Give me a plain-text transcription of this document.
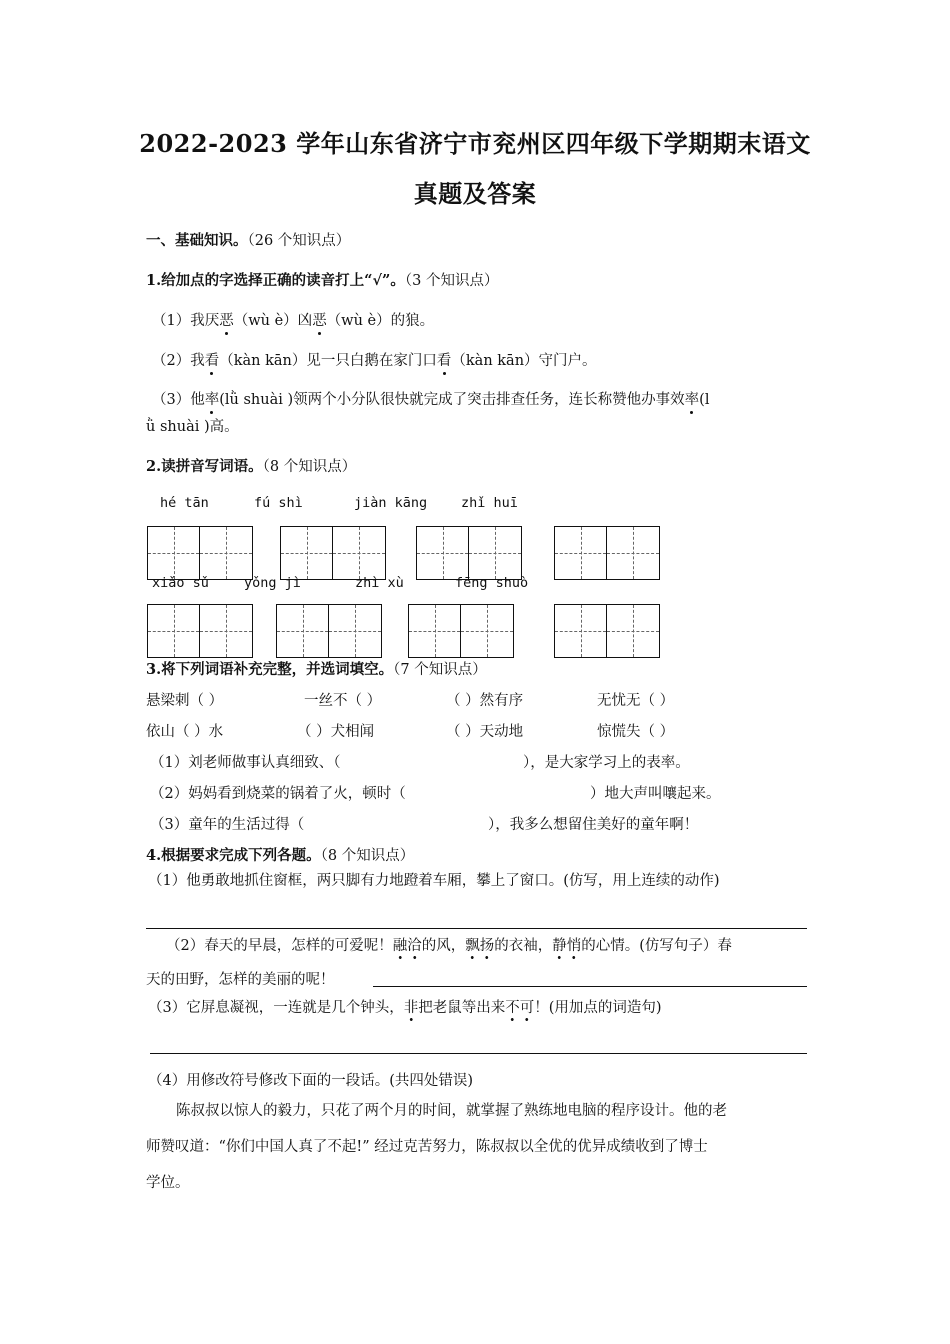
2022-2023 学年山东省济宁市兖州区四年级下学期期末语文
真题及答案
一、基础知识。（26 个知识点）
1.给加点的字选择正确的读音打上“√”。（3 个知识点）
（1）我厌恶（wù è）凶恶（wù è）的狼。
（2）我看（kàn kān）见一只白鹅在家门口看（kàn kān）守门户。
（3）他率(lǜ shuài )领两个小分队很快就完成了突击排查任务，连长称赞他办事效率(l
ǜ shuài )高。
2.读拼音写词语。（8 个知识点）
hé tān	fú shì	jiàn kāng	zhǐ huī
xiǎo sǔ	yǒng jì	zhì xù	fēng shuò
3.将下列词语补充完整，并选词填空。（7 个知识点）
悬梁刺（ ）	一丝不（ ）	（ ）然有序	无忧无（ ）
依山（ ）水	（ ）犬相闻	（ ）天动地	惊慌失（ ）
（1）刘老师做事认真细致、（	），是大家学习上的表率。
（2）妈妈看到烧菜的锅着了火，顿时（	）地大声叫嚷起来。
（3）童年的生活过得（	），我多么想留住美好的童年啊！
4.根据要求完成下列各题。（8 个知识点）
（1）他勇敢地抓住窗框，两只脚有力地蹬着车厢，攀上了窗口。(仿写，用上连续的动作)
（2）春天的早晨，怎样的可爱呢！融洽的风，飘扬的衣袖，静悄的心情。(仿写句子）春
天的田野，怎样的美丽的呢！
（3）它屏息凝视，一连就是几个钟头，非把老鼠等出来不可！(用加点的词造句)
（4）用修改符号修改下面的一段话。(共四处错误)
陈叔叔以惊人的毅力，只花了两个月的时间，就掌握了熟练地电脑的程序设计。他的老
师赞叹道：“你们中国人真了不起!” 经过克苦努力，陈叔叔以全优的优异成绩收到了博士
学位。
